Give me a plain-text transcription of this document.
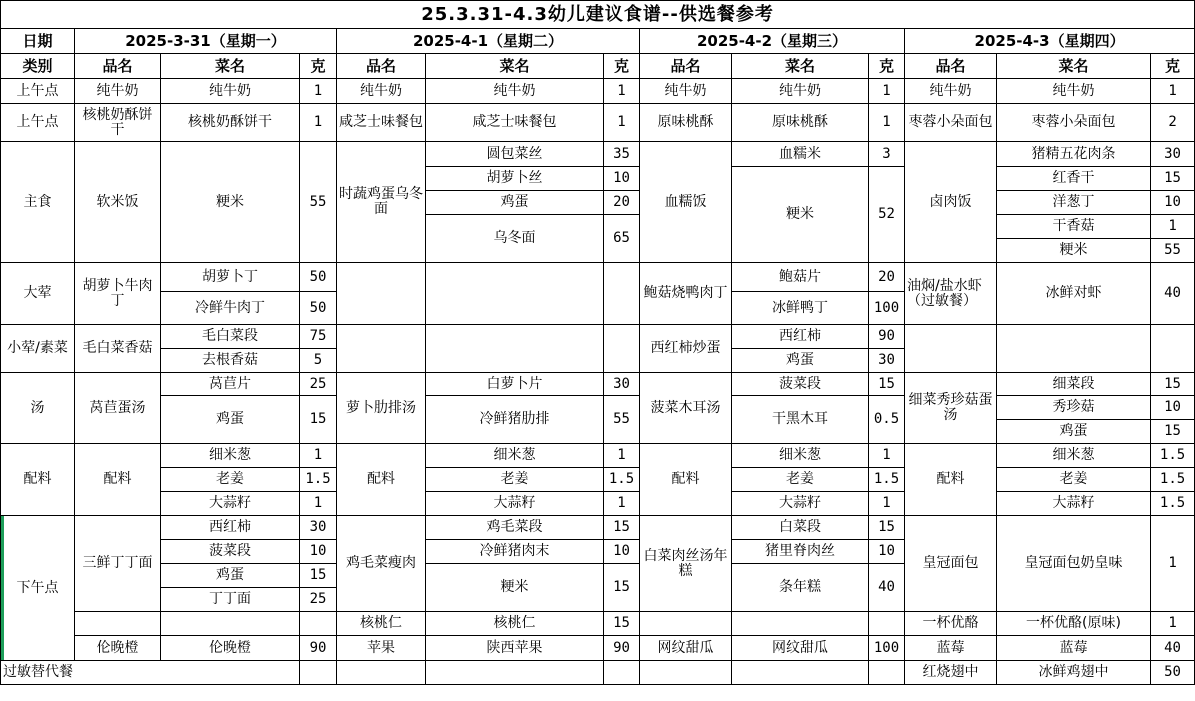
25.3.31-4.3幼儿建议食谱--供选餐参考												
日期	2025-3-31（星期一）			2025-4-1（星期二）			2025-4-2（星期三）			2025-4-3（星期四）		
类别	品名	菜名	克	品名	菜名	克	品名	菜名	克	品名	菜名	克
上午点	纯牛奶	纯牛奶	1	纯牛奶	纯牛奶	1	纯牛奶	纯牛奶	1	纯牛奶	纯牛奶	1
上午点	核桃奶酥饼干	核桃奶酥饼干	1	咸芝士味餐包	咸芝士味餐包	1	原味桃酥	原味桃酥	1	枣蓉小朵面包	枣蓉小朵面包	2
主食	软米饭	粳米	55	时蔬鸡蛋乌冬面	圆包菜丝	35	血糯饭	血糯米	3	卤肉饭	猪精五花肉条	30
					胡萝卜丝	10		粳米	52		红香干	15
					鸡蛋	20					洋葱丁	10
					乌冬面	65					干香菇	1
											粳米	55
大荤	胡萝卜牛肉丁	胡萝卜丁	50				鲍菇烧鸭肉丁	鲍菇片	20	油焖/盐水虾（过敏餐）	冰鲜对虾	40
		冷鲜牛肉丁	50					冰鲜鸭丁	100			
小荤/素菜	毛白菜香菇	毛白菜段	75				西红柿炒蛋	西红柿	90			
		去根香菇	5					鸡蛋	30			
汤	莴苣蛋汤	莴苣片	25	萝卜肋排汤	白萝卜片	30	菠菜木耳汤	菠菜段	15	细菜秀珍菇蛋汤	细菜段	15
		鸡蛋	15		冷鲜猪肋排	55		干黑木耳	0.5		秀珍菇	10
											鸡蛋	15
配料	配料	细米葱	1	配料	细米葱	1	配料	细米葱	1	配料	细米葱	1.5
		老姜	1.5		老姜	1.5		老姜	1.5		老姜	1.5
		大蒜籽	1		大蒜籽	1		大蒜籽	1		大蒜籽	1.5
下午点	三鲜丁丁面	西红柿	30	鸡毛菜瘦肉	鸡毛菜段	15	白菜肉丝汤年糕	白菜段	15	皇冠面包	皇冠面包奶皇味	1
		菠菜段	10		冷鲜猪肉末	10		猪里脊肉丝	10			
		鸡蛋	15		粳米	15		条年糕	40			
		丁丁面	25									
				核桃仁	核桃仁	15				一杯优酪	一杯优酪(原味)	1
	伦晚橙	伦晚橙	90	苹果	陕西苹果	90	网纹甜瓜	网纹甜瓜	100	蓝莓	蓝莓	40
过敏替代餐										红烧翅中	冰鲜鸡翅中	50
